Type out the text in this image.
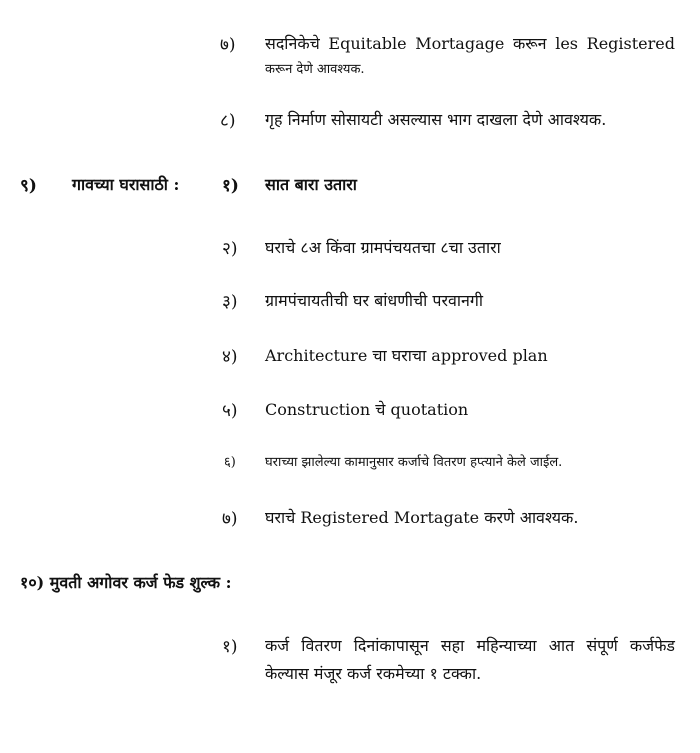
७) सदनिकेचे Equitable Mortagage करून les Registered
करून देणे आवश्यक.
८) गृह निर्माण सोसायटी असल्यास भाग दाखला देणे आवश्यक.
९) गावच्या घरासाठी :	१) सात बारा उतारा
२) घराचे ८अ किंवा ग्रामपंचयतचा ८चा उतारा
३) ग्रामपंचायतीची घर बांधणीची परवानगी
४) Architecture चा घराचा approved plan
५) Construction चे quotation
६) घराच्या झालेल्या कामानुसार कर्जाचे वितरण हप्त्याने केले जाईल.
७) घराचे Registered Mortagate करणे आवश्यक.
१०) मुवती अगोवर कर्ज फेड शुल्क :
१) कर्ज वितरण दिनांकापासून सहा महिन्याच्या आत संपूर्ण कर्जफेड
केल्यास मंजूर कर्ज रकमेच्या १ टक्का.
